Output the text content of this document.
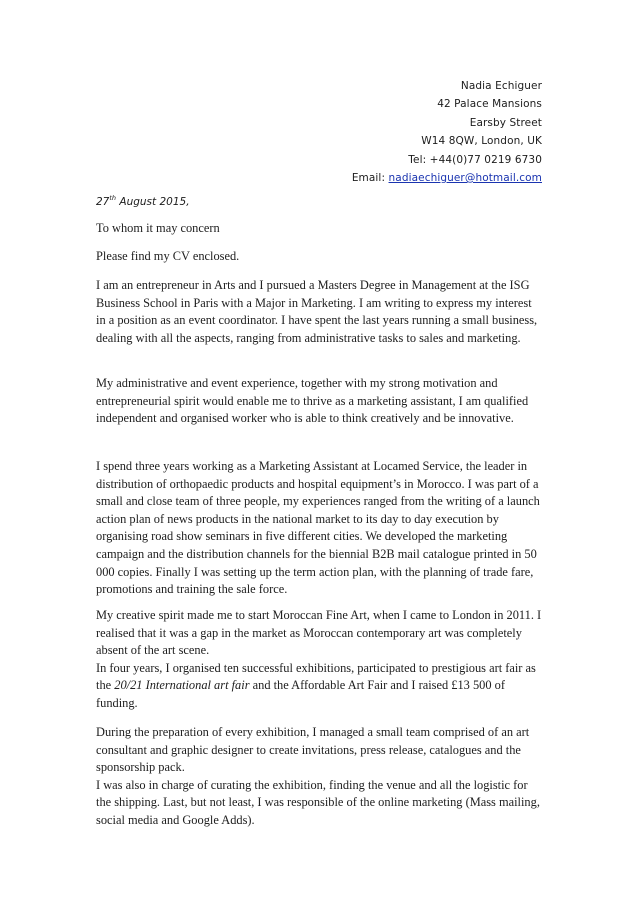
Nadia Echiguer
42 Palace Mansions
Earsby Street
W14 8QW, London, UK
Tel: +44(0)77 0219 6730
Email: nadiaechiguer@hotmail.com
27th August 2015,

To whom it may concern

Please find my CV enclosed.

I am an entrepreneur in Arts and I pursued a Masters Degree in Management at the ISG Business School in Paris with a Major in Marketing. I am writing to express my interest in a position as an event coordinator. I have spent the last years running a small business, dealing with all the aspects, ranging from administrative tasks to sales and marketing.

My administrative and event experience, together with my strong motivation and entrepreneurial spirit would enable me to thrive as a marketing assistant, I am qualified independent and organised worker who is able to think creatively and be innovative.

I spend three years working as a Marketing Assistant at Locamed Service, the leader in distribution of orthopaedic products and hospital equipment’s in Morocco. I was part of a small and close team of three people, my experiences ranged from the writing of a launch action plan of news products in the national market to its day to day execution by organising road show seminars in five different cities. We developed the marketing campaign and the distribution channels for the biennial B2B mail catalogue printed in 50 000 copies. Finally I was setting up the term action plan, with the planning of trade fare, promotions and training the sale force.

My creative spirit made me to start Moroccan Fine Art, when I came to London in 2011. I realised that it was a gap in the market as Moroccan contemporary art was completely absent of the art scene.

In four years, I organised ten successful exhibitions, participated to prestigious art fair as the 20/21 International art fair and the Affordable Art Fair and I raised £13 500 of funding.

During the preparation of every exhibition, I managed a small team comprised of an art consultant and graphic designer to create invitations, press release, catalogues and the sponsorship pack.

I was also in charge of curating the exhibition, finding the venue and all the logistic for the shipping. Last, but not least, I was responsible of the online marketing (Mass mailing, social media and Google Adds).
